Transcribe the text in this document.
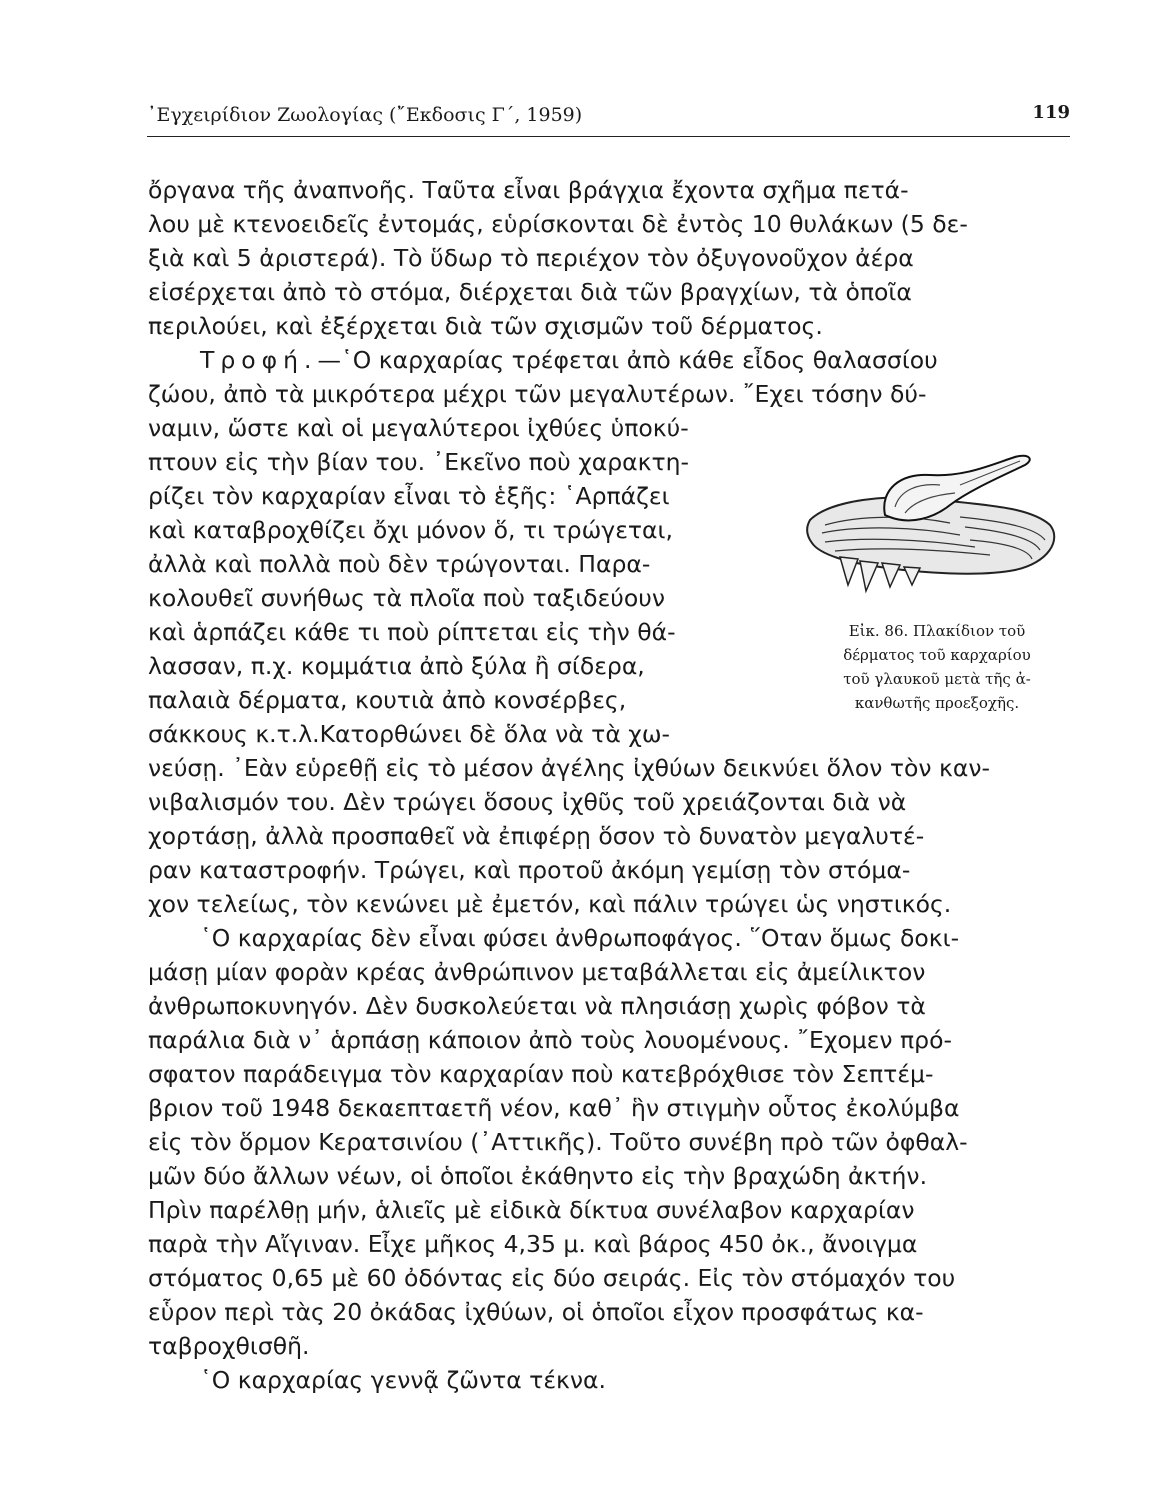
᾿Εγχειρίδιον Ζωολογίας (῎Εκδοσις Γ΄, 1959)	119

ὄργανα τῆς ἀναπνοῆς. Ταῦτα εἶναι βράγχια ἔχοντα σχῆμα πετά-

λου μὲ κτενοειδεῖς ἐντομάς, εὑρίσκονται δὲ ἐντὸς 10 θυλάκων (5 δε-

ξιὰ καὶ 5 ἀριστερά). Τὸ ὕδωρ τὸ περιέχον τὸν ὀξυγονοῦχον ἀέρα

εἰσέρχεται ἀπὸ τὸ στόμα, διέρχεται διὰ τῶν βραγχίων, τὰ ὁποῖα

περιλούει, καὶ ἐξέρχεται διὰ τῶν σχισμῶν τοῦ δέρματος.

Τροφή.—῾Ο καρχαρίας τρέφεται ἀπὸ κάθε εἶδος θαλασσίου

ζώου, ἀπὸ τὰ μικρότερα μέχρι τῶν μεγαλυτέρων. ῎Εχει τόσην δύ-

ναμιν, ὥστε καὶ οἱ μεγαλύτεροι ἰχθύες ὑποκύ-

πτουν εἰς τὴν βίαν του. ᾿Εκεῖνο ποὺ χαρακτη-

ρίζει τὸν καρχαρίαν εἶναι τὸ ἑξῆς: ῾Αρπάζει

καὶ καταβροχθίζει ὄχι μόνον ὅ, τι τρώγεται,

ἀλλὰ καὶ πολλὰ ποὺ δὲν τρώγονται. Παρα-

κολουθεῖ συνήθως τὰ πλοῖα ποὺ ταξιδεύουν

καὶ ἁρπάζει κάθε τι ποὺ ρίπτεται εἰς τὴν θά-

λασσαν, π.χ. κομμάτια ἀπὸ ξύλα ἢ σίδερα,

παλαιὰ δέρματα, κουτιὰ ἀπὸ κονσέρβες,

σάκκους κ.τ.λ.Κατορθώνει δὲ ὅλα νὰ τὰ χω-

νεύσῃ. ᾿Εὰν εὑρεθῇ εἰς τὸ μέσον ἀγέλης ἰχθύων δεικνύει ὅλον τὸν καν-

νιβαλισμόν του. Δὲν τρώγει ὅσους ἰχθῦς τοῦ χρειάζονται διὰ νὰ

χορτάσῃ, ἀλλὰ προσπαθεῖ νὰ ἐπιφέρῃ ὅσον τὸ δυνατὸν μεγαλυτέ-

ραν καταστροφήν. Τρώγει, καὶ προτοῦ ἀκόμη γεμίσῃ τὸν στόμα-

χον τελείως, τὸν κενώνει μὲ ἐμετόν, καὶ πάλιν τρώγει ὡς νηστικός.

῾Ο καρχαρίας δὲν εἶναι φύσει ἀνθρωποφάγος. ῞Οταν ὅμως δοκι-

μάσῃ μίαν φορὰν κρέας ἀνθρώπινον μεταβάλλεται εἰς ἀμείλικτον

ἀνθρωποκυνηγόν. Δὲν δυσκολεύεται νὰ πλησιάσῃ χωρὶς φόβον τὰ

παράλια διὰ ν᾿ ἁρπάσῃ κάποιον ἀπὸ τοὺς λουομένους. ῎Εχομεν πρό-

σφατον παράδειγμα τὸν καρχαρίαν ποὺ κατεβρόχθισε τὸν Σεπτέμ-

βριον τοῦ 1948 δεκαεπταετῆ νέον, καθ᾿ ἣν στιγμὴν οὗτος ἐκολύμβα

εἰς τὸν ὅρμον Κερατσινίου (᾿Αττικῆς). Τοῦτο συνέβη πρὸ τῶν ὀφθαλ-

μῶν δύο ἄλλων νέων, οἱ ὁποῖοι ἐκάθηντο εἰς τὴν βραχώδη ἀκτήν.

Πρὶν παρέλθῃ μήν, ἁλιεῖς μὲ εἰδικὰ δίκτυα συνέλαβον καρχαρίαν

παρὰ τὴν Αἴγιναν. Εἶχε μῆκος 4,35 μ. καὶ βάρος 450 ὀκ., ἄνοιγμα

στόματος 0,65 μὲ 60 ὀδόντας εἰς δύο σειράς. Εἰς τὸν στόμαχόν του

εὗρον περὶ τὰς 20 ὀκάδας ἰχθύων, οἱ ὁποῖοι εἶχον προσφάτως κα-

ταβροχθισθῆ.

῾Ο καρχαρίας γεννᾷ ζῶντα τέκνα.

Εἰκ. 86. Πλακίδιον τοῦ

δέρματος τοῦ καρχαρίου

τοῦ γλαυκοῦ μετὰ τῆς ἀ-

κανθωτῆς προεξοχῆς.
